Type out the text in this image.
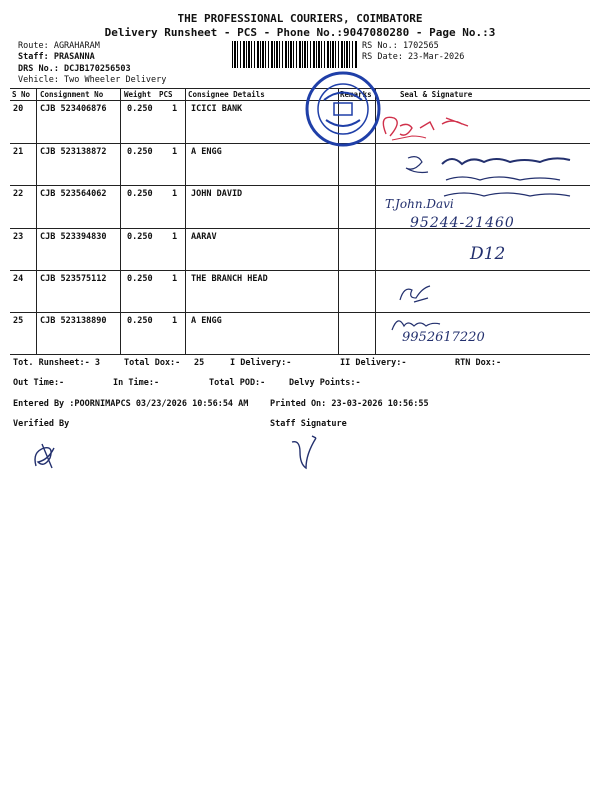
THE PROFESSIONAL COURIERS, COIMBATORE
Delivery Runsheet - PCS - Phone No.:9047080280 - Page No.:3
Route: AGRAHARAM
Staff: PRASANNA
DRS No.: DCJB170256503
Vehicle: Two Wheeler Delivery
RS No.: 1702565
RS Date: 23-Mar-2026
S No Consignment No	Weight PCS Consignee Details	Remarks	Seal & Signature
20 CJB 523406876 0.250 1 ICICI BANK
21 CJB 523138872 0.250 1 A ENGG
22 CJB 523564062 0.250 1 JOHN DAVID
23 CJB 523394830 0.250 1 AARAV
24 CJB 523575112 0.250 1 THE BRANCH HEAD
25 CJB 523138890 0.250 1 A ENGG
T.John.Davi
95244-21460
D12
9952617220
Tot. Runsheet:- 3	Total Dox:- 25	I Delivery:-	II Delivery:-	RTN Dox:-
Out Time:-	In Time:-	Total POD:-	Delvy Points:-
Entered By :POORNIMAPCS 03/23/2026 10:56:54 AM	Printed On: 23-03-2026 10:56:55
Verified By	Staff Signature
